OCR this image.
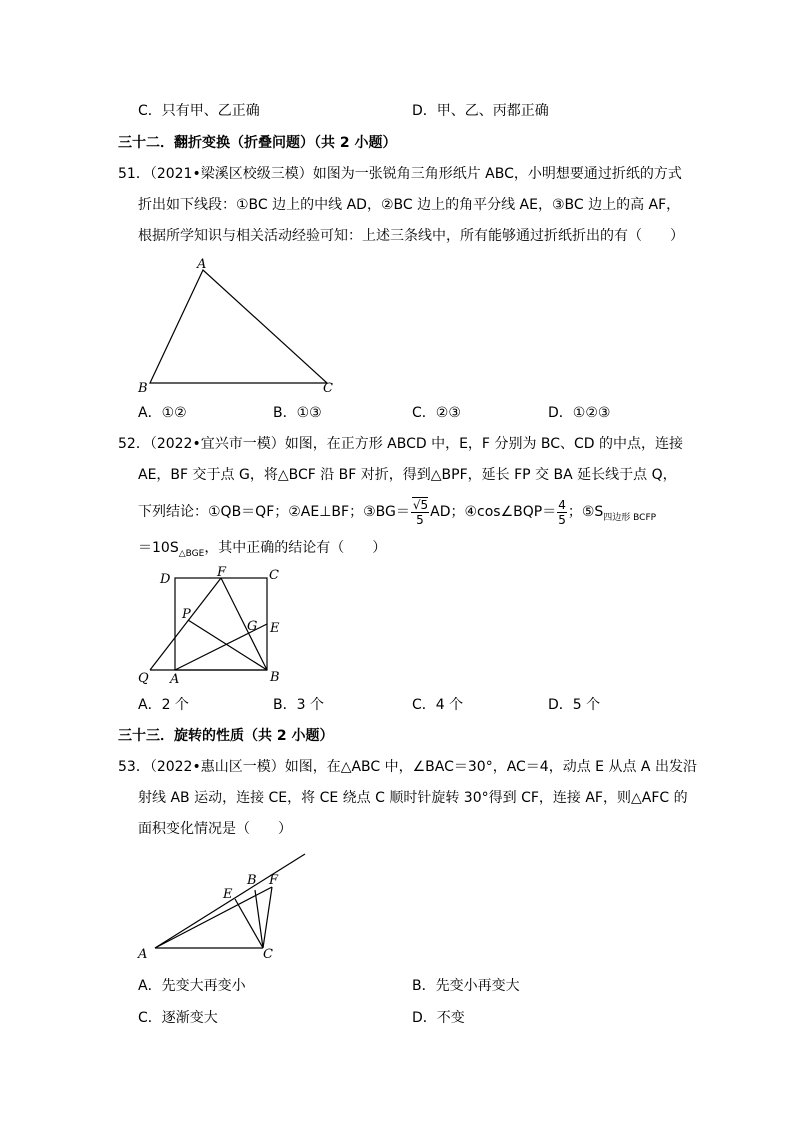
C．只有甲、乙正确	D．甲、乙、丙都正确
三十二．翻折变换（折叠问题）（共 2 小题）
51．（2021•梁溪区校级三模）如图为一张锐角三角形纸片 ABC，小明想要通过折纸的方式
折出如下线段：①BC 边上的中线 AD，②BC 边上的角平分线 AE，③BC 边上的高 AF，
根据所学知识与相关活动经验可知：上述三条线中，所有能够通过折纸折出的有（　　）
A
B	C
A．①②	B．①③	C．②③	D．①②③
52．（2022•宜兴市一模）如图，在正方形 ABCD 中，E，F 分别为 BC、CD 的中点，连接
AE，BF 交于点 G，将△BCF 沿 BF 对折，得到△BPF，延长 FP 交 BA 延长线于点 Q，
下列结论：①QB＝QF；②AE⊥BF；③BG＝ $\frac{√5}{5}$ AD；④cos∠BQP＝ $\frac{4}{5}$ ；$⑤S_{四边形 BCFP}$
$=10S_{\triangle BGE}$，其中正确的结论有（　　）
D	F	C
P
G E
Q A	B
A．2 个	B．3 个	C．4 个	D．5 个
三十三．旋转的性质（共 2 小题）
53．（2022•惠山区一模）如图，在△ABC 中，∠BAC＝30°，AC＝4，动点 E 从点 A 出发沿
射线 AB 运动，连接 CE，将 CE 绕点 C 顺时针旋转 30°得到 CF，连接 AF，则△AFC 的
面积变化情况是（　　）
E
B F
A	C
A．先变大再变小	B．先变小再变大
C．逐渐变大	D．不变
